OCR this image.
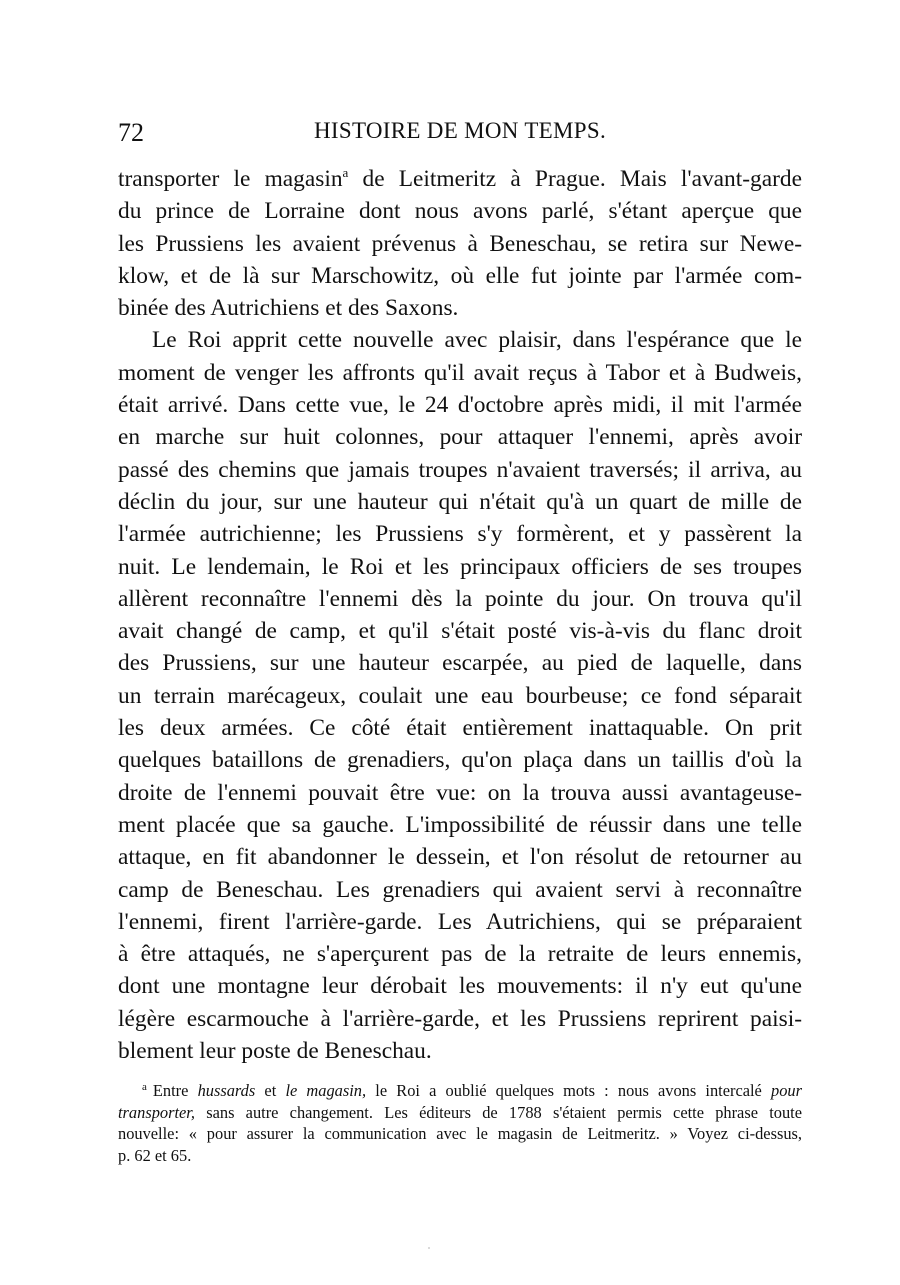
72	HISTOIRE DE MON TEMPS.

transporter le magasin$^a$ de Leitmeritz à Prague. Mais l'avant-garde
du prince de Lorraine dont nous avons parlé, s'étant aperçue que
les Prussiens les avaient prévenus à Beneschau, se retira sur Newe-
klow, et de là sur Marschowitz, où elle fut jointe par l'armée com-
binée des Autrichiens et des Saxons.

Le Roi apprit cette nouvelle avec plaisir, dans l'espérance que le
moment de venger les affronts qu'il avait reçus à Tabor et à Budweis,
était arrivé. Dans cette vue, le 24 d'octobre après midi, il mit l'armée
en marche sur huit colonnes, pour attaquer l'ennemi, après avoir
passé des chemins que jamais troupes n'avaient traversés; il arriva, au
déclin du jour, sur une hauteur qui n'était qu'à un quart de mille de
l'armée autrichienne; les Prussiens s'y formèrent, et y passèrent la
nuit. Le lendemain, le Roi et les principaux officiers de ses troupes
allèrent reconnaître l'ennemi dès la pointe du jour. On trouva qu'il
avait changé de camp, et qu'il s'était posté vis-à-vis du flanc droit
des Prussiens, sur une hauteur escarpée, au pied de laquelle, dans
un terrain marécageux, coulait une eau bourbeuse; ce fond séparait
les deux armées. Ce côté était entièrement inattaquable. On prit
quelques bataillons de grenadiers, qu'on plaça dans un taillis d'où la
droite de l'ennemi pouvait être vue: on la trouva aussi avantageuse-
ment placée que sa gauche. L'impossibilité de réussir dans une telle
attaque, en fit abandonner le dessein, et l'on résolut de retourner au
camp de Beneschau. Les grenadiers qui avaient servi à reconnaître
l'ennemi, firent l'arrière-garde. Les Autrichiens, qui se préparaient
à être attaqués, ne s'aperçurent pas de la retraite de leurs ennemis,
dont une montagne leur dérobait les mouvements: il n'y eut qu'une
légère escarmouche à l'arrière-garde, et les Prussiens reprirent paisi-
blement leur poste de Beneschau.

$^a$ Entre hussards et le magasin, le Roi a oublié quelques mots : nous avons intercalé pour
transporter, sans autre changement. Les éditeurs de 1788 s'étaient permis cette phrase toute
nouvelle: « pour assurer la communication avec le magasin de Leitmeritz. » Voyez ci-dessus,
p. 62 et 65.
